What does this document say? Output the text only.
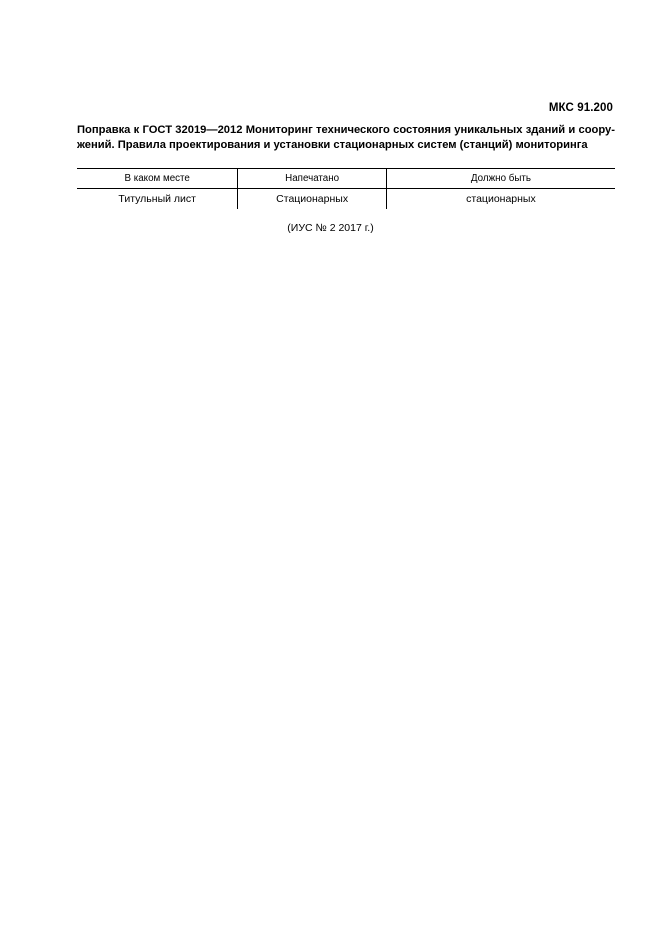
МКС 91.200
Поправка к ГОСТ 32019—2012 Мониторинг технического состояния уникальных зданий и соору-
жений. Правила проектирования и установки стационарных систем (станций) мониторинга
В каком месте	Напечатано	Должно быть
Титульный лист	Стационарных	стационарных
(ИУС № 2 2017 г.)
